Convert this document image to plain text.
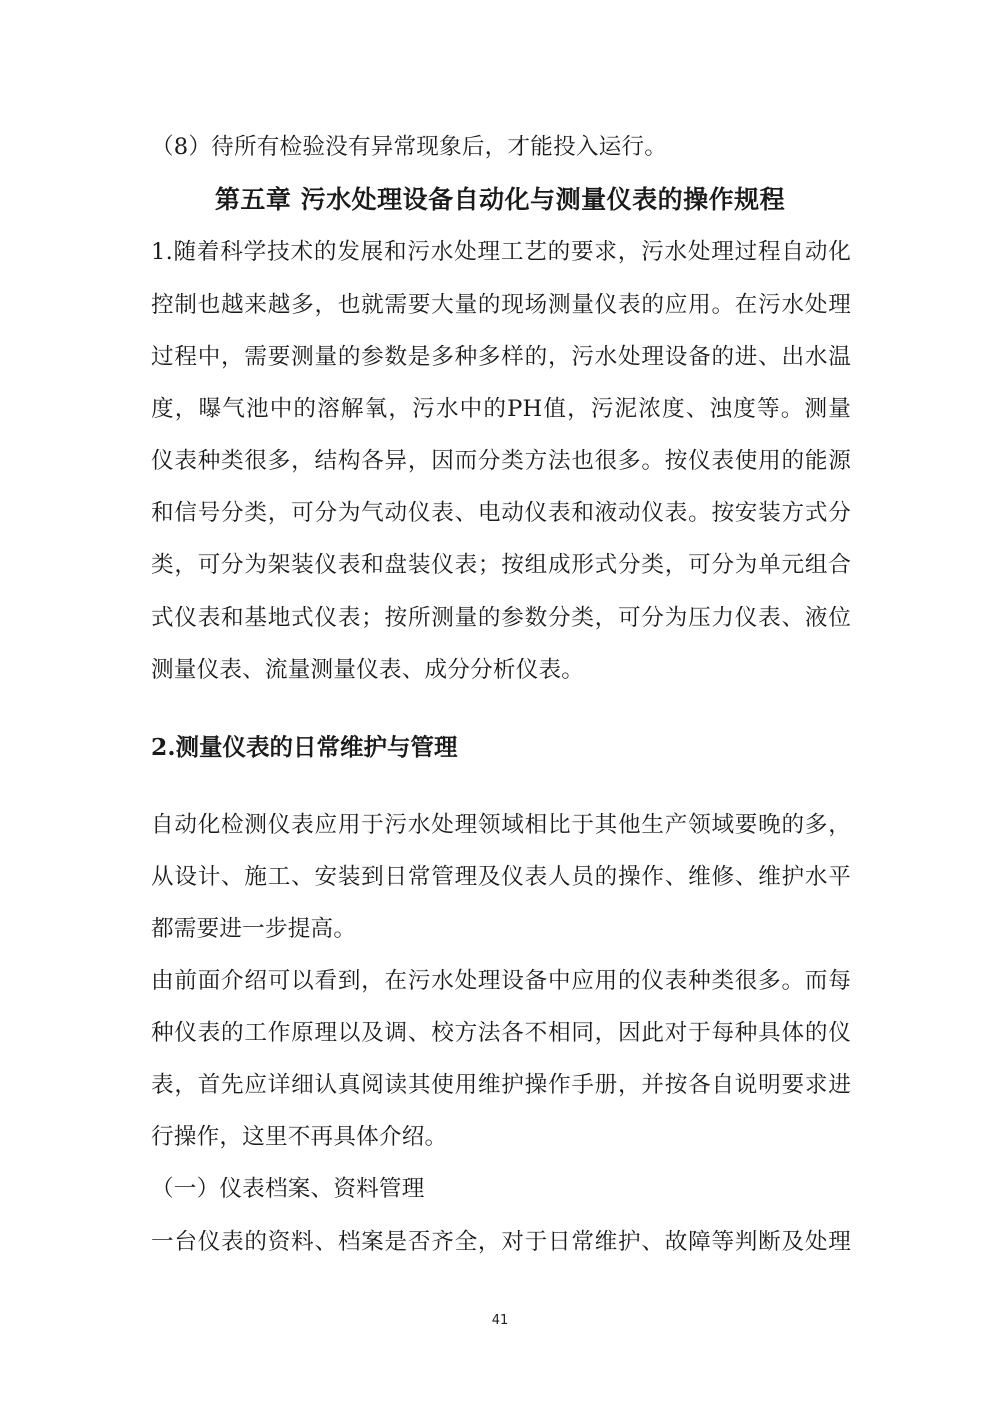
（8）待所有检验没有异常现象后，才能投入运行。
第五章 污水处理设备自动化与测量仪表的操作规程
1.随着科学技术的发展和污水处理工艺的要求，污水处理过程自动化
控制也越来越多，也就需要大量的现场测量仪表的应用。在污水处理
过程中，需要测量的参数是多种多样的，污水处理设备的进、出水温
度，曝气池中的溶解氧，污水中的PH值，污泥浓度、浊度等。测量
仪表种类很多，结构各异，因而分类方法也很多。按仪表使用的能源
和信号分类，可分为气动仪表、电动仪表和液动仪表。按安装方式分
类，可分为架装仪表和盘装仪表；按组成形式分类，可分为单元组合
式仪表和基地式仪表；按所测量的参数分类，可分为压力仪表、液位
测量仪表、流量测量仪表、成分分析仪表。
2.测量仪表的日常维护与管理
自动化检测仪表应用于污水处理领域相比于其他生产领域要晚的多，
从设计、施工、安装到日常管理及仪表人员的操作、维修、维护水平
都需要进一步提高。
由前面介绍可以看到，在污水处理设备中应用的仪表种类很多。而每
种仪表的工作原理以及调、校方法各不相同，因此对于每种具体的仪
表，首先应详细认真阅读其使用维护操作手册，并按各自说明要求进
行操作，这里不再具体介绍。
（一）仪表档案、资料管理
一台仪表的资料、档案是否齐全，对于日常维护、故障等判断及处理
41
